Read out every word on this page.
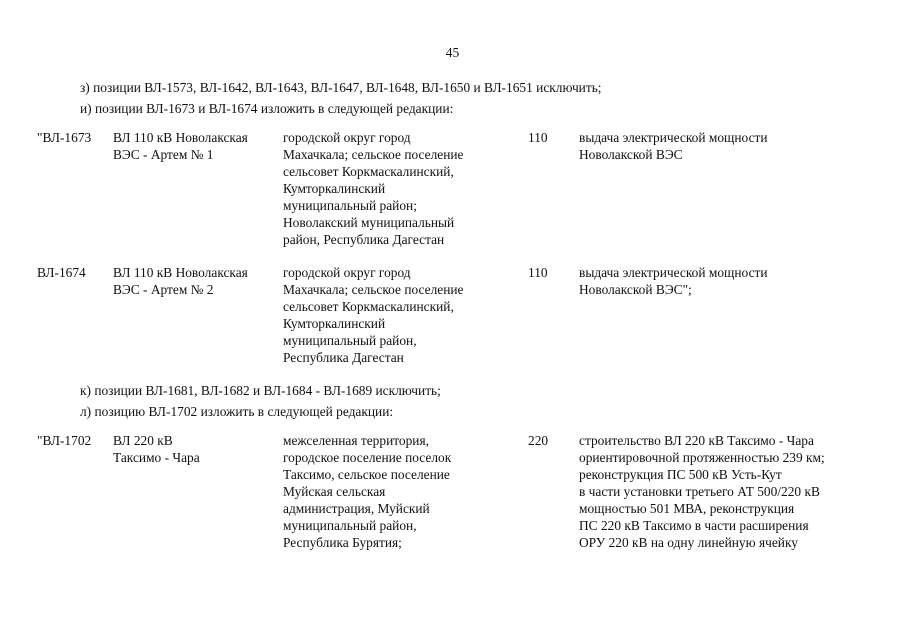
45
з) позиции ВЛ-1573, ВЛ-1642, ВЛ-1643, ВЛ-1647, ВЛ-1648, ВЛ-1650 и ВЛ-1651 исключить;
и) позиции ВЛ-1673 и ВЛ-1674 изложить в следующей редакции:
"ВЛ-1673 ВЛ 110 кВ Новолакская
ВЭС - Артем № 1
городской округ город
Махачкала; сельское поселение
сельсовет Коркмаскалинский,
Кумторкалинский
муниципальный район;
Новолакский муниципальный
район, Республика Дагестан
110 выдача электрической мощности
Новолакской ВЭС
ВЛ-1674 ВЛ 110 кВ Новолакская
ВЭС - Артем № 2
городской округ город
Махачкала; сельское поселение
сельсовет Коркмаскалинский,
Кумторкалинский
муниципальный район,
Республика Дагестан
110 выдача электрической мощности
Новолакской ВЭС";
к) позиции ВЛ-1681, ВЛ-1682 и ВЛ-1684 - ВЛ-1689 исключить;
л) позицию ВЛ-1702 изложить в следующей редакции:
"ВЛ-1702 ВЛ 220 кВ
Таксимо - Чара
межселенная территория,
городское поселение поселок
Таксимо, сельское поселение
Муйская сельская
администрация, Муйский
муниципальный район,
Республика Бурятия;
220 строительство ВЛ 220 кВ Таксимо - Чара
ориентировочной протяженностью 239 км;
реконструкция ПС 500 кВ Усть-Кут
в части установки третьего АТ 500/220 кВ
мощностью 501 МВА, реконструкция
ПС 220 кВ Таксимо в части расширения
ОРУ 220 кВ на одну линейную ячейку
